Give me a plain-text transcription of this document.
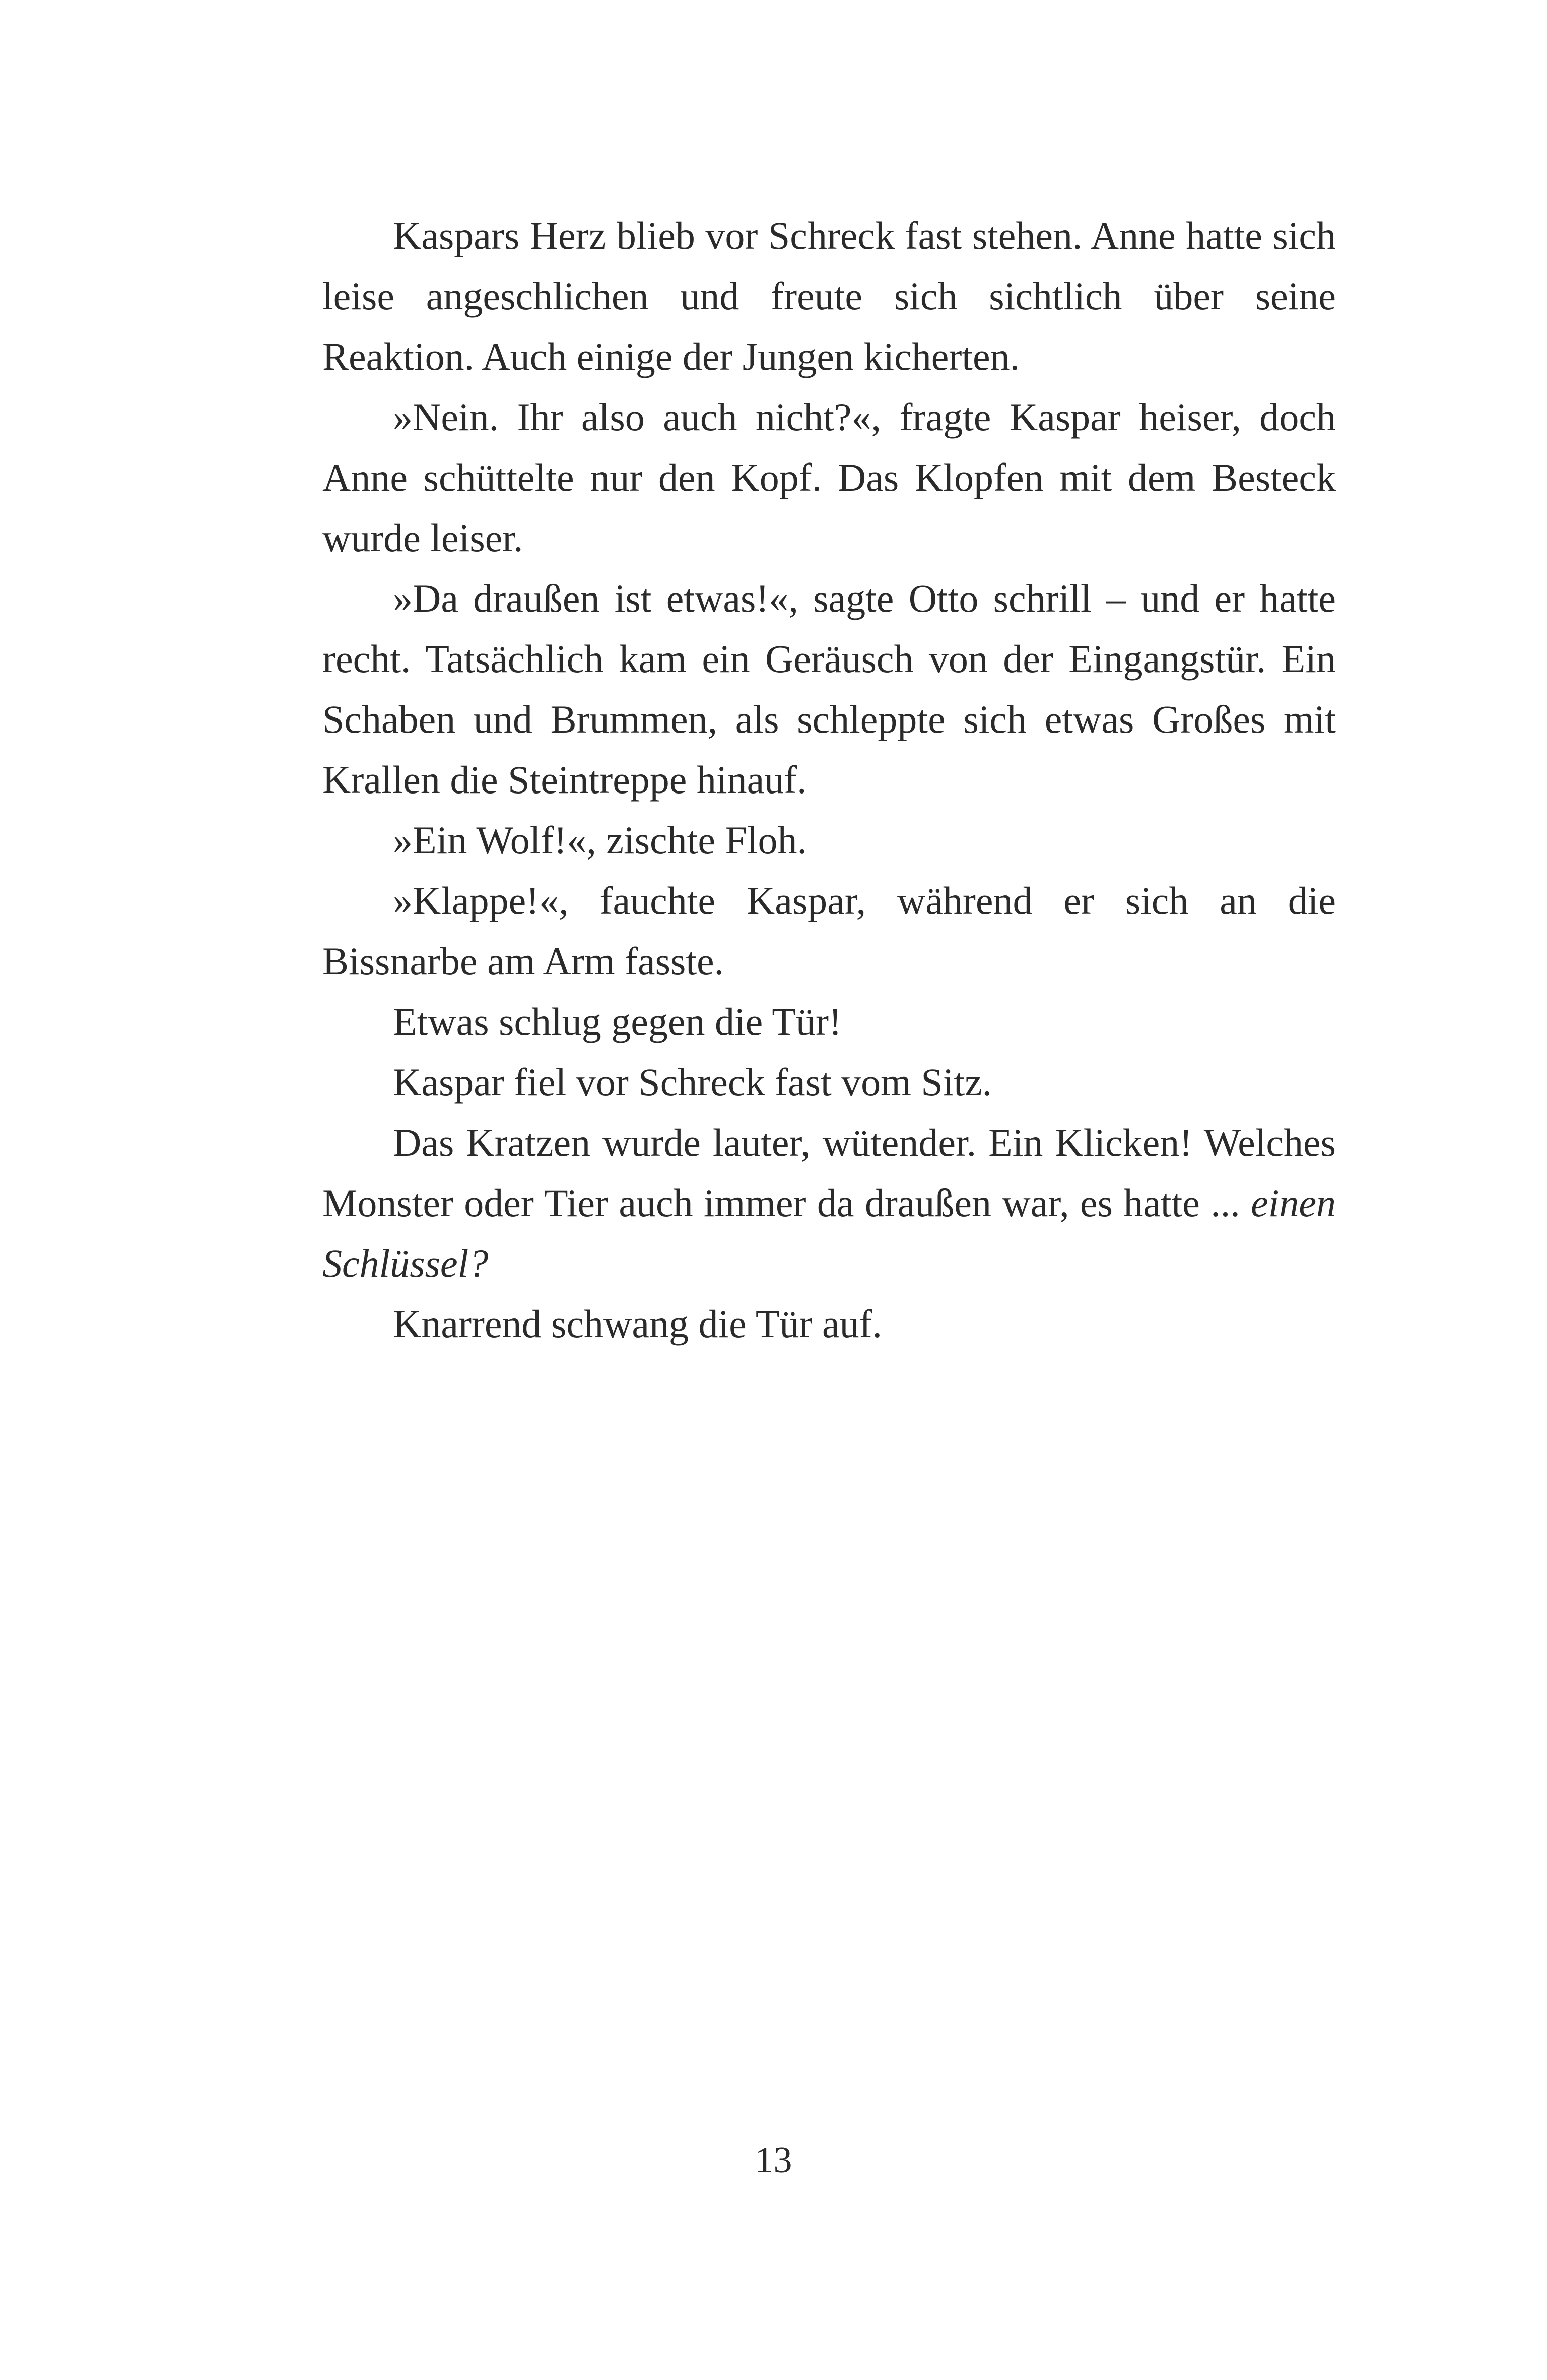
Kaspars Herz blieb vor Schreck fast stehen. Anne hatte sich leise angeschlichen und freute sich sichtlich über seine Reaktion. Auch einige der Jungen kicherten.

»Nein. Ihr also auch nicht?«, fragte Kaspar heiser, doch Anne schüttelte nur den Kopf. Das Klopfen mit dem Besteck wurde leiser.

»Da draußen ist etwas!«, sagte Otto schrill – und er hatte recht. Tatsächlich kam ein Geräusch von der Eingangstür. Ein Schaben und Brummen, als schleppte sich etwas Großes mit Krallen die Steintreppe hinauf.

»Ein Wolf!«, zischte Floh.

»Klappe!«, fauchte Kaspar, während er sich an die Bissnarbe am Arm fasste.

Etwas schlug gegen die Tür!

Kaspar fiel vor Schreck fast vom Sitz.

Das Kratzen wurde lauter, wütender. Ein Klicken! Welches Monster oder Tier auch immer da draußen war, es hatte ... einen Schlüssel?

Knarrend schwang die Tür auf.

13
